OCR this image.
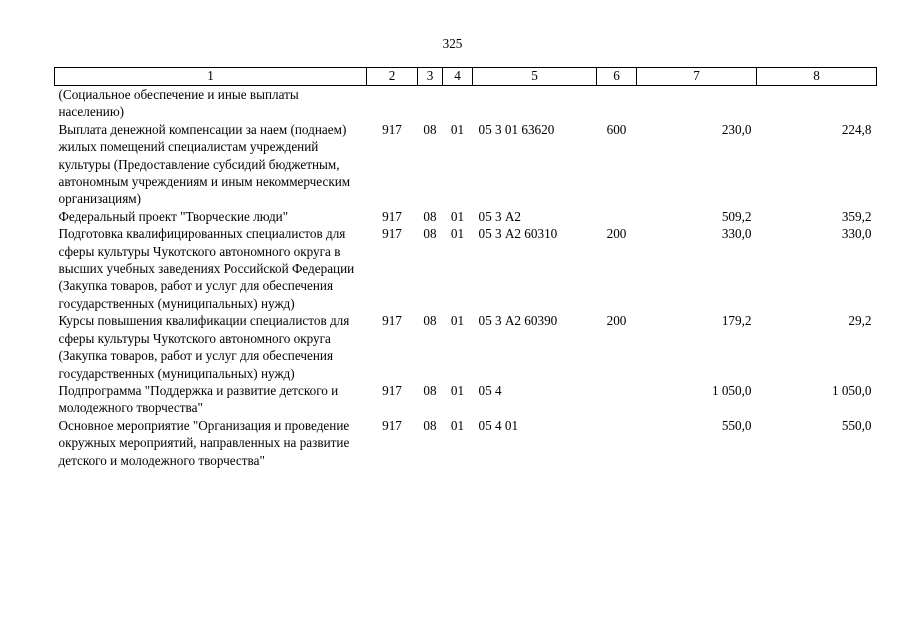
325
1	2	3	4	5	6	7	8
(Социальное обеспечение и иные выплаты населению)							
Выплата денежной компенсации за наем (поднаем) жилых помещений специалистам учреждений культуры (Предоставление субсидий бюджетным, автономным учреждениям и иным некоммерческим организациям)	917	08	01	05 3 01 63620	600	230,0	224,8
Федеральный проект "Творческие люди"	917	08	01	05 3 А2		509,2	359,2
Подготовка квалифицированных специалистов для сферы культуры Чукотского автономного округа в высших учебных заведениях Российской Федерации (Закупка товаров, работ и услуг для обеспечения государственных (муниципальных) нужд)	917	08	01	05 3 А2 60310	200	330,0	330,0
Курсы повышения квалификации специалистов для сферы культуры Чукотского автономного округа (Закупка товаров, работ и услуг для обеспечения государственных (муниципальных) нужд)	917	08	01	05 3 А2 60390	200	179,2	29,2
Подпрограмма "Поддержка и развитие детского и молодежного творчества"	917	08	01	05 4		1 050,0	1 050,0
Основное мероприятие "Организация и проведение окружных мероприятий, направленных на развитие детского и молодежного творчества"	917	08	01	05 4 01		550,0	550,0
